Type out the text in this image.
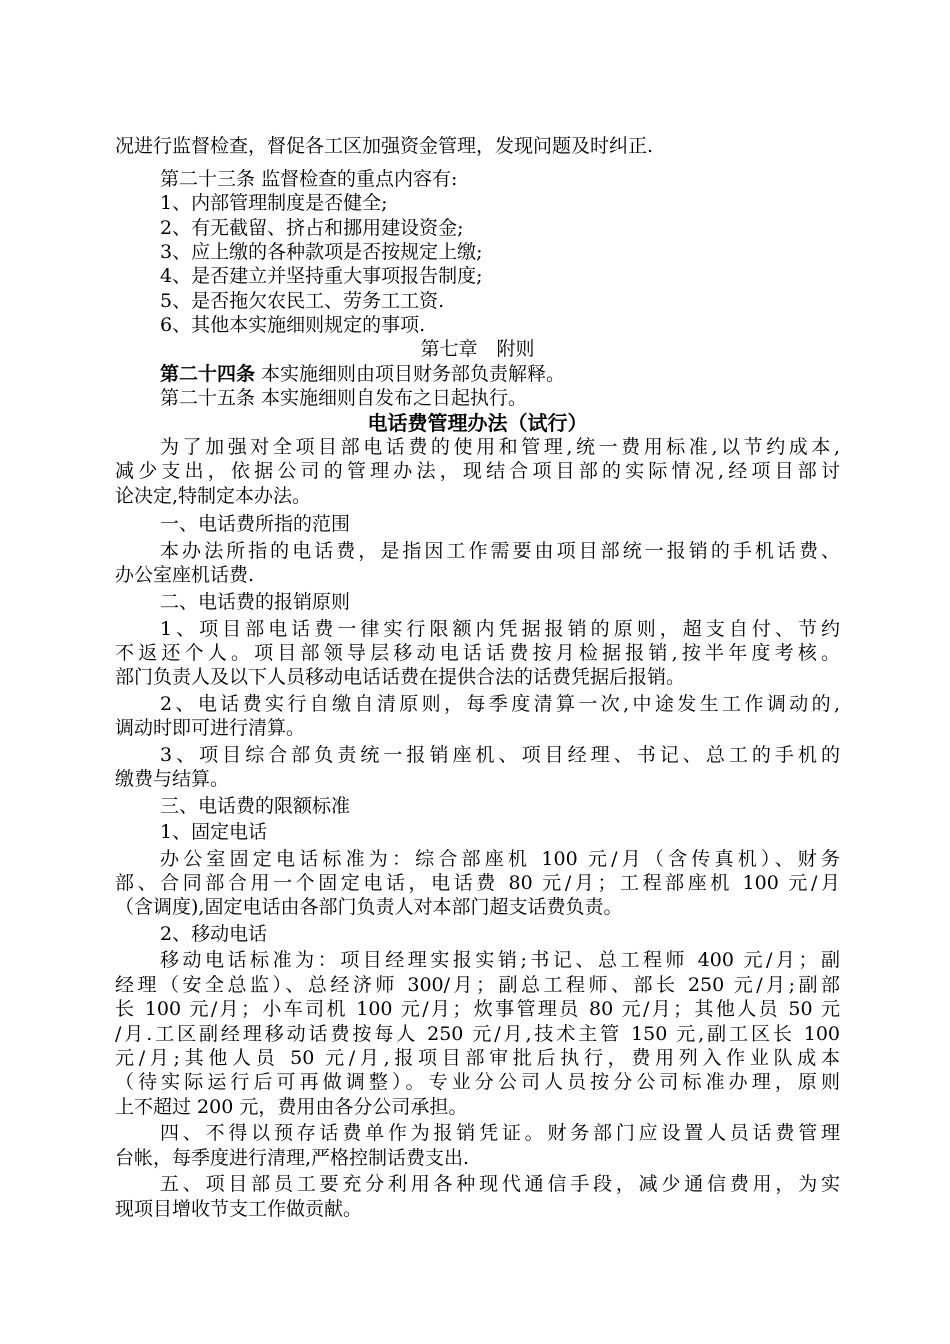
况进行监督检查，督促各工区加强资金管理，发现问题及时纠正.
第二十三条 监督检查的重点内容有:
1、内部管理制度是否健全;
2、有无截留、挤占和挪用建设资金;
3、应上缴的各种款项是否按规定上缴;
4、是否建立并坚持重大事项报告制度;
5、是否拖欠农民工、劳务工工资.
6、其他本实施细则规定的事项.
第七章　附则
第二十四条 本实施细则由项目财务部负责解释。
第二十五条 本实施细则自发布之日起执行。
电话费管理办法（试行）
为了加强对全项目部电话费的使用和管理,统一费用标准,以节约成本,
减少支出，依据公司的管理办法，现结合项目部的实际情况,经项目部讨
论决定,特制定本办法。
一、电话费所指的范围
本办法所指的电话费，是指因工作需要由项目部统一报销的手机话费、
办公室座机话费.
二、电话费的报销原则
1、项目部电话费一律实行限额内凭据报销的原则，超支自付、节约
不返还个人。项目部领导层移动电话话费按月检据报销,按半年度考核。
部门负责人及以下人员移动电话话费在提供合法的话费凭据后报销。
2、电话费实行自缴自清原则，每季度清算一次,中途发生工作调动的,
调动时即可进行清算。
3、项目综合部负责统一报销座机、项目经理、书记、总工的手机的
缴费与结算。
三、电话费的限额标准
1、固定电话
办公室固定电话标准为：综合部座机 100 元/月（含传真机）、财务
部、合同部合用一个固定电话，电话费 80 元/月；工程部座机 100 元/月
（含调度),固定电话由各部门负责人对本部门超支话费负责。
2、移动电话
移动电话标准为：项目经理实报实销;书记、总工程师 400 元/月；副
经理（安全总监）、总经济师 300/月；副总工程师、部长 250 元/月;副部
长 100 元/月；小车司机 100 元/月；炊事管理员 80 元/月；其他人员 50 元
/月.工区副经理移动话费按每人 250 元/月,技术主管 150 元,副工区长 100
元/月;其他人员 50 元/月,报项目部审批后执行，费用列入作业队成本
（待实际运行后可再做调整）。专业分公司人员按分公司标准办理，原则
上不超过 200 元，费用由各分公司承担。
四、不得以预存话费单作为报销凭证。财务部门应设置人员话费管理
台帐，每季度进行清理,严格控制话费支出.
五、项目部员工要充分利用各种现代通信手段，减少通信费用，为实
现项目增收节支工作做贡献。
